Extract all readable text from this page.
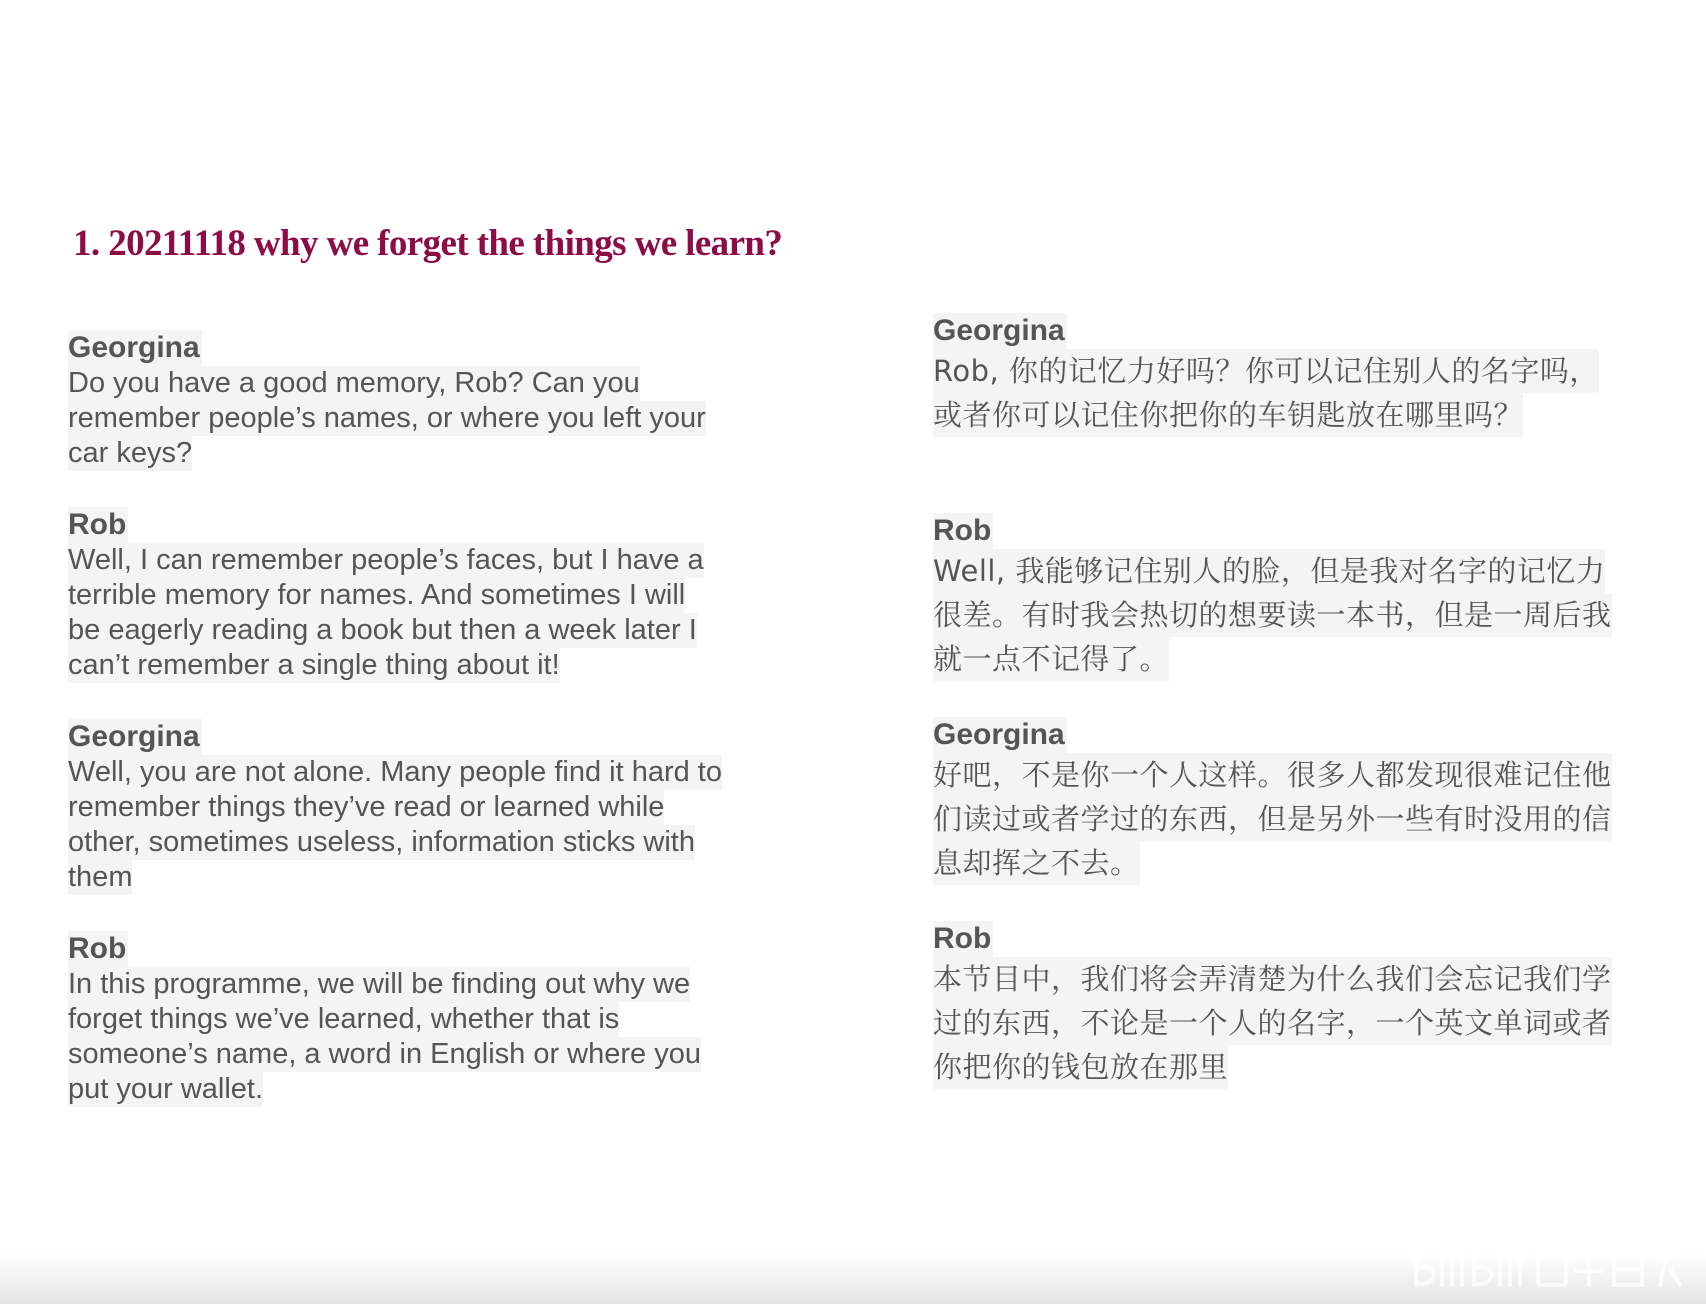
1. 20211118 why we forget the things we learn?
Georgina
Do you have a good memory, Rob? Can you
remember people’s names, or where you left your
car keys?
Rob
Well, I can remember people’s faces, but I have a
terrible memory for names. And sometimes I will
be eagerly reading a book but then a week later I
can’t remember a single thing about it!
Georgina
Well, you are not alone. Many people find it hard to
remember things they’ve read or learned while
other, sometimes useless, information sticks with
them
Rob
In this programme, we will be finding out why we
forget things we’ve learned, whether that is
someone’s name, a word in English or where you
put your wallet.
Georgina
Rob, 你的记忆力好吗？你可以记住别人的名字吗，
或者你可以记住你把你的车钥匙放在哪里吗？
Rob
Well, 我能够记住别人的脸，但是我对名字的记忆力
很差。有时我会热切的想要读一本书，但是一周后我
就一点不记得了。
Georgina
好吧，不是你一个人这样。很多人都发现很难记住他
们读过或者学过的东西，但是另外一些有时没用的信
息却挥之不去。
Rob
本节目中，我们将会弄清楚为什么我们会忘记我们学
过的东西，不论是一个人的名字，一个英文单词或者
你把你的钱包放在那里
